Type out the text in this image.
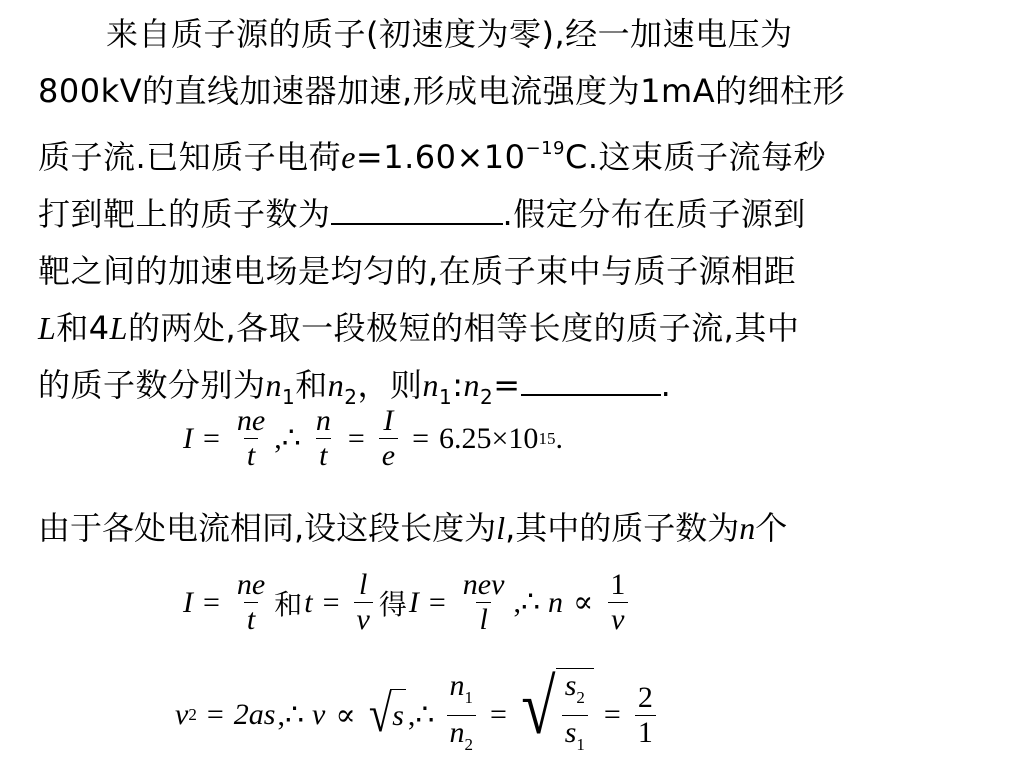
来自质子源的质子(初速度为零),经一加速电压为
800kV的直线加速器加速,形成电流强度为1mA的细柱形
质子流.已知质子电荷$e=1.60\times 10^{-19}C$.这束质子流每秒
打到靶上的质子数为	.假定分布在质子源到
靶之间的加速电场是均匀的,在质子束中与质子源相距
L和4L的两处,各取一段极短的相等长度的质子流,其中
的质子数分别为$n_1$和$n_2$，则$n_1:n_2=$	.
$I = \frac{ne}{t}$ ,∴ $\frac{n}{t} = \frac{I}{e} = 6.25\times 10$ 15 .
由于各处电流相同,设这段长度为l,其中的质子数为n个
$I = \frac{ne}{t}$ 和 $t = \frac{l}{v}$ 得 $I = \frac{\text{nev}}{l}$ ,∴ $n \propto \frac{1}{v}$
v 2 = 2as ,∴ v ∝ √ s ,∴ $\frac{n_1}{n_2}$ = √ $\frac{s_2}{s_1} = \frac{2}{1}$
